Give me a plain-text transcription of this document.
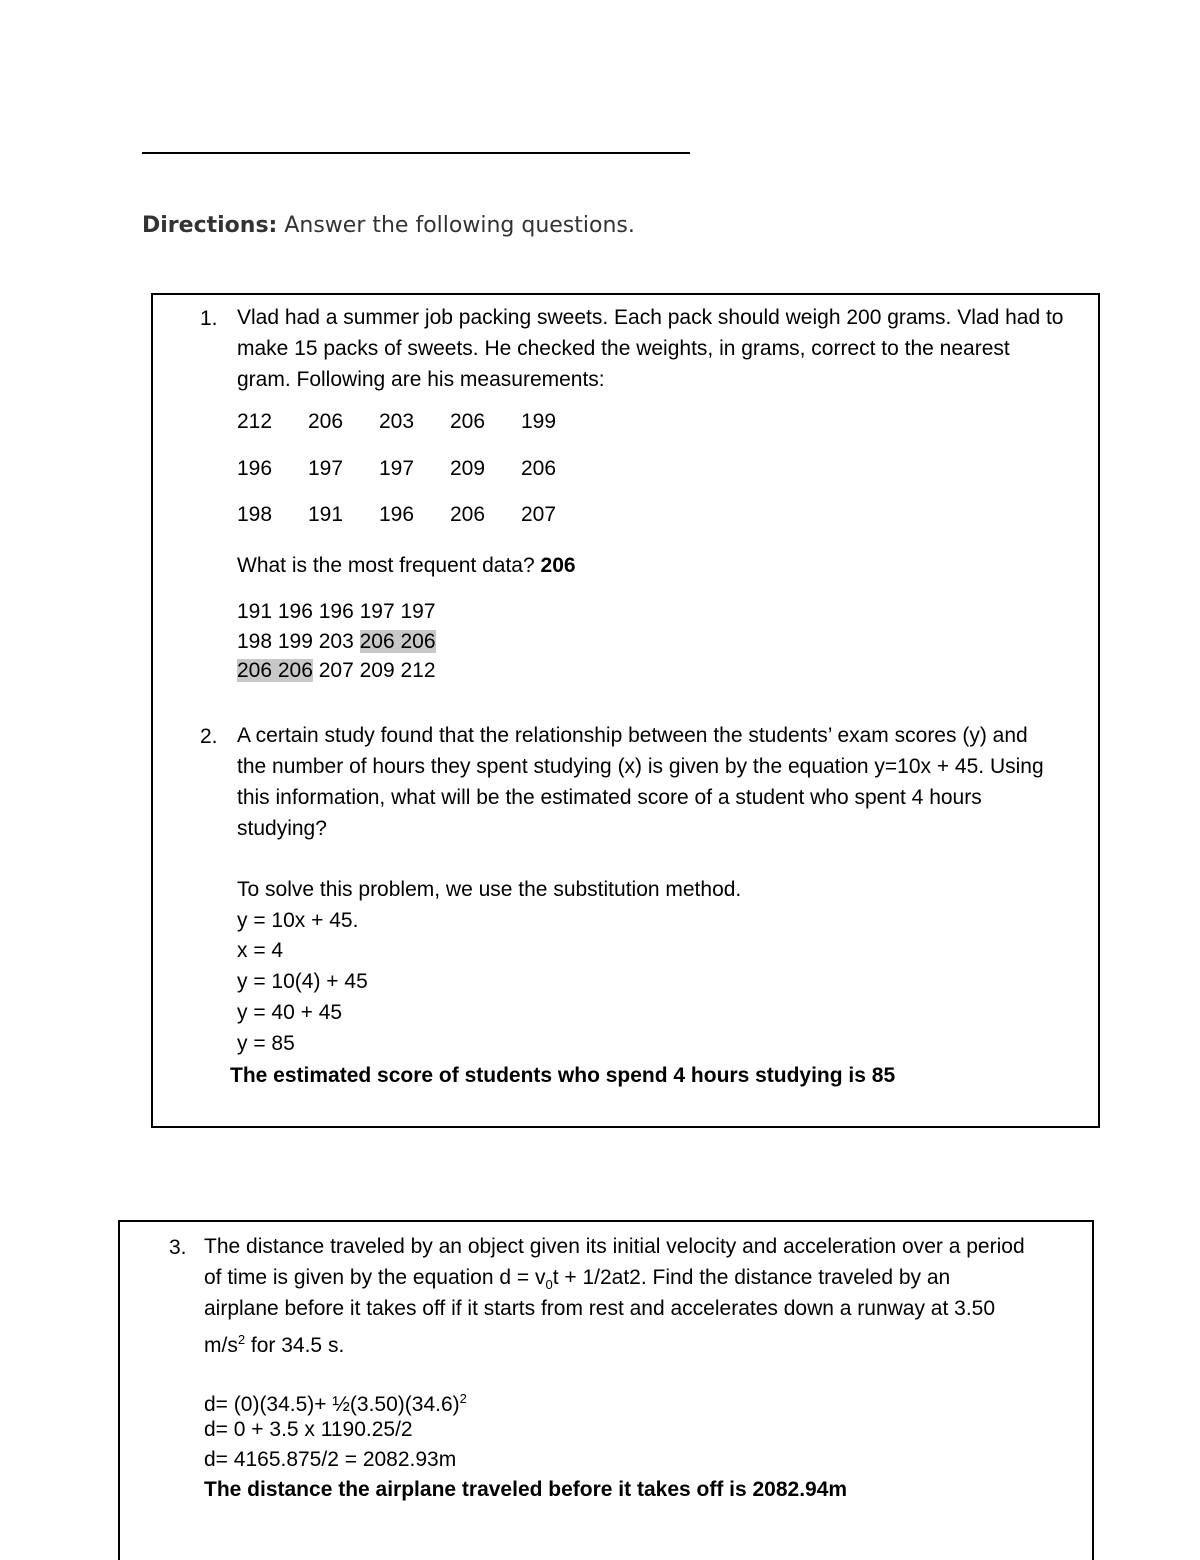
Directions: Answer the following questions.
1. Vlad had a summer job packing sweets. Each pack should weigh 200 grams. Vlad had to
make 15 packs of sweets. He checked the weights, in grams, correct to the nearest
gram. Following are his measurements:
212	206	203	206	199
196	197	197	209	206
198	191	196	206	207
What is the most frequent data? 206
191 196 196 197 197
198 199 203 206 206
206 206 207 209 212
2. A certain study found that the relationship between the students’ exam scores (y) and
the number of hours they spent studying (x) is given by the equation y=10x + 45. Using
this information, what will be the estimated score of a student who spent 4 hours
studying?
To solve this problem, we use the substitution method.
y = 10x + 45.
x = 4
y = 10(4) + 45
y = 40 + 45
y = 85
The estimated score of students who spend 4 hours studying is 85
3. The distance traveled by an object given its initial velocity and acceleration over a period
of time is given by the equation $d = v_0t + 1/2at2$. Find the distance traveled by an
airplane before it takes off if it starts from rest and accelerates down a runway at 3.50
$m/s^2$ for 34.5 s.
$d= (0)(34.5)+ \frac{1}{2}(3.50)(34.6)^2$
d= 0 + 3.5 x 1190.25/2
d= 4165.875/2 = 2082.93m
The distance the airplane traveled before it takes off is 2082.94m
